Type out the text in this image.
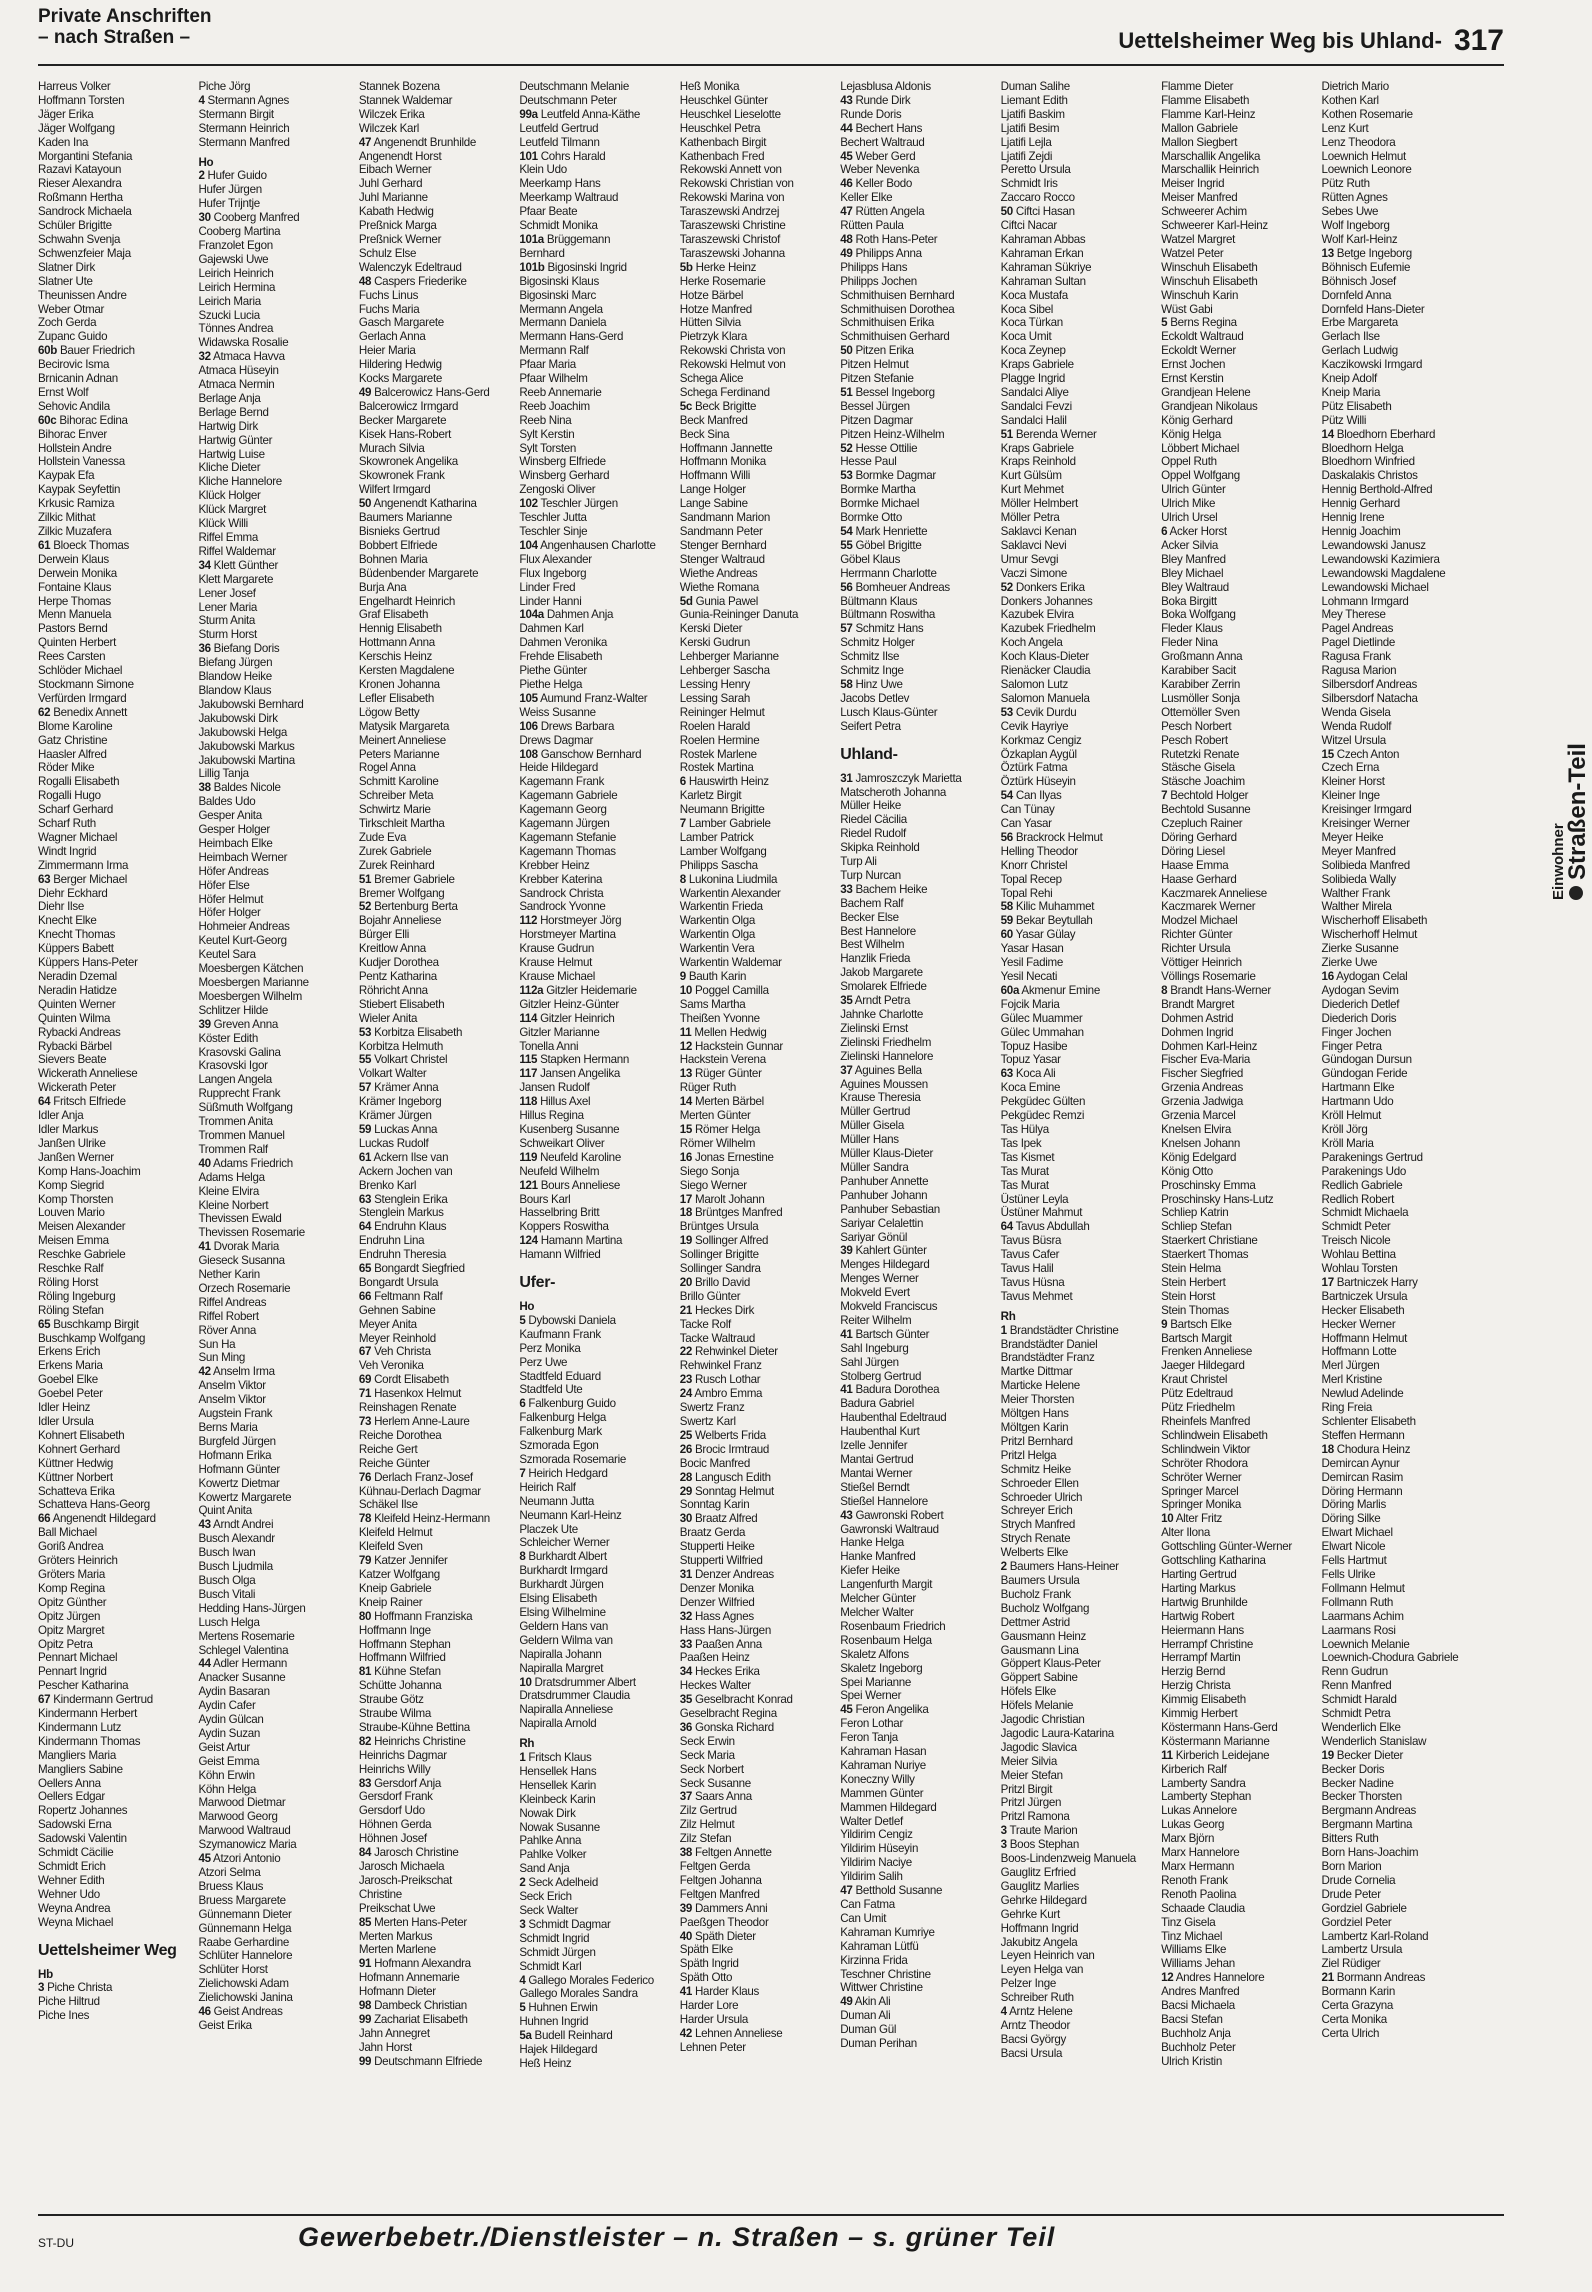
Private Anschriften
– nach Straßen –	Uettelsheimer Weg bis Uhland- 317
Harreus Volker
Hoffmann Torsten
Jäger Erika
Jäger Wolfgang
Kaden Ina
Morgantini Stefania
Razavi Katayoun
Rieser Alexandra
Roßmann Hertha
Sandrock Michaela
Schüler Brigitte
Schwahn Svenja
Schwenzfeier Maja
Slatner Dirk
Slatner Ute
Theunissen Andre
Weber Otmar
Zoch Gerda
Zupanc Guido
60b Bauer Friedrich
Becirovic Isma
Brnicanin Adnan
Ernst Wolf
Sehovic Andila
60c Bihorac Edina
Bihorac Enver
Hollstein Andre
Hollstein Vanessa
Kaypak Efa
Kaypak Seyfettin
Krkusic Ramiza
Zilkic Mithat
Zilkic Muzafera
61 Bloeck Thomas
Derwein Klaus
Derwein Monika
Fontaine Klaus
Herpe Thomas
Menn Manuela
Pastors Bernd
Quinten Herbert
Rees Carsten
Schlöder Michael
Stockmann Simone
Verfürden Irmgard
62 Benedix Annett
Blome Karoline
Gatz Christine
Haasler Alfred
Röder Mike
Rogalli Elisabeth
Rogalli Hugo
Scharf Gerhard
Scharf Ruth
Wagner Michael
Windt Ingrid
Zimmermann Irma
63 Berger Michael
Diehr Eckhard
Diehr Ilse
Knecht Elke
Knecht Thomas
Küppers Babett
Küppers Hans-Peter
Neradin Dzemal
Neradin Hatidze
Quinten Werner
Quinten Wilma
Rybacki Andreas
Rybacki Bärbel
Sievers Beate
Wickerath Anneliese
Wickerath Peter
64 Fritsch Elfriede
Idler Anja
Idler Markus
Janßen Ulrike
Janßen Werner
Komp Hans-Joachim
Komp Siegrid
Komp Thorsten
Louven Mario
Meisen Alexander
Meisen Emma
Reschke Gabriele
Reschke Ralf
Röling Horst
Röling Ingeburg
Röling Stefan
65 Buschkamp Birgit
Buschkamp Wolfgang
Erkens Erich
Erkens Maria
Goebel Elke
Goebel Peter
Idler Heinz
Idler Ursula
Kohnert Elisabeth
Kohnert Gerhard
Küttner Hedwig
Küttner Norbert
Schatteva Erika
Schatteva Hans-Georg
66 Angenendt Hildegard
Ball Michael
Goriß Andrea
Gröters Heinrich
Gröters Maria
Komp Regina
Opitz Günther
Opitz Jürgen
Opitz Margret
Opitz Petra
Pennart Michael
Pennart Ingrid
Pescher Katharina
67 Kindermann Gertrud
Kindermann Herbert
Kindermann Lutz
Kindermann Thomas
Mangliers Maria
Mangliers Sabine
Oellers Anna
Oellers Edgar
Ropertz Johannes
Sadowski Erna
Sadowski Valentin
Schmidt Cäcilie
Schmidt Erich
Wehner Edith
Wehner Udo
Weyna Andrea
Weyna Michael
Uettelsheimer Weg
Hb
3 Piche Christa
Piche Hiltrud
Piche Ines
Piche Jörg
4 Stermann Agnes
Stermann Birgit
Stermann Heinrich
Stermann Manfred
Ho
2 Hufer Guido
Hufer Jürgen
Hufer Trijntje
30 Cooberg Manfred
Cooberg Martina
Franzolet Egon
Gajewski Uwe
Leirich Heinrich
Leirich Hermina
Leirich Maria
Szucki Lucia
Tönnes Andrea
Widawska Rosalie
32 Atmaca Havva
Atmaca Hüseyin
Atmaca Nermin
Berlage Anja
Berlage Bernd
Hartwig Dirk
Hartwig Günter
Hartwig Luise
Kliche Dieter
Kliche Hannelore
Klück Holger
Klück Margret
Klück Willi
Riffel Emma
Riffel Waldemar
34 Klett Günther
Klett Margarete
Lener Josef
Lener Maria
Sturm Anita
Sturm Horst
36 Biefang Doris
Biefang Jürgen
Blandow Heike
Blandow Klaus
Jakubowski Bernhard
Jakubowski Dirk
Jakubowski Helga
Jakubowski Markus
Jakubowski Martina
Lillig Tanja
38 Baldes Nicole
Baldes Udo
Gesper Anita
Gesper Holger
Heimbach Elke
Heimbach Werner
Höfer Andreas
Höfer Else
Höfer Helmut
Höfer Holger
Hohmeier Andreas
Keutel Kurt-Georg
Keutel Sara
Moesbergen Kätchen
Moesbergen Marianne
Moesbergen Wilhelm
Schlitzer Hilde
39 Greven Anna
Köster Edith
Krasovski Galina
Krasovski Igor
Langen Angela
Rupprecht Frank
Süßmuth Wolfgang
Trommen Anita
Trommen Manuel
Trommen Ralf
40 Adams Friedrich
Adams Helga
Kleine Elvira
Kleine Norbert
Thevissen Ewald
Thevissen Rosemarie
41 Dvorak Maria
Gieseck Susanna
Nether Karin
Orzech Rosemarie
Riffel Andreas
Riffel Robert
Röver Anna
Sun Ha
Sun Ming
42 Anselm Irma
Anselm Viktor
Anselm Viktor
Augstein Frank
Berns Maria
Burgfeld Jürgen
Hofmann Erika
Hofmann Günter
Kowertz Dietmar
Kowertz Margarete
Quint Anita
43 Arndt Andrei
Busch Alexandr
Busch Iwan
Busch Ljudmila
Busch Olga
Busch Vitali
Hedding Hans-Jürgen
Lusch Helga
Mertens Rosemarie
Schlegel Valentina
44 Adler Hermann
Anacker Susanne
Aydin Basaran
Aydin Cafer
Aydin Gülcan
Aydin Suzan
Geist Artur
Geist Emma
Köhn Erwin
Köhn Helga
Marwood Dietmar
Marwood Georg
Marwood Waltraud
Szymanowicz Maria
45 Atzori Antonio
Atzori Selma
Bruess Klaus
Bruess Margarete
Günnemann Dieter
Günnemann Helga
Raabe Gerhardine
Schlüter Hannelore
Schlüter Horst
Zielichowski Adam
Zielichowski Janina
46 Geist Andreas
Geist Erika
Stannek Bozena
Stannek Waldemar
Wilczek Erika
Wilczek Karl
47 Angenendt Brunhilde
Angenendt Horst
Eibach Werner
Juhl Gerhard
Juhl Marianne
Kabath Hedwig
Preßnick Marga
Preßnick Werner
Schulz Else
Walenczyk Edeltraud
48 Caspers Friederike
Fuchs Linus
Fuchs Maria
Gasch Margarete
Gerlach Anna
Heier Maria
Hildering Hedwig
Kocks Margarete
49 Balcerowicz Hans-Gerd
Balcerowicz Irmgard
Becker Margarete
Kisek Hans-Robert
Murach Silvia
Skowronek Angelika
Skowronek Frank
Wilfert Irmgard
50 Angenendt Katharina
Baumers Marianne
Bisnieks Gertrud
Bobbert Elfriede
Bohnen Maria
Büdenbender Margarete
Burja Ana
Engelhardt Heinrich
Graf Elisabeth
Hennig Elisabeth
Hottmann Anna
Kerschis Heinz
Kersten Magdalene
Kronen Johanna
Lefler Elisabeth
Lögow Betty
Matysik Margareta
Meinert Anneliese
Peters Marianne
Rogel Anna
Schmitt Karoline
Schreiber Meta
Schwirtz Marie
Tirkschleit Martha
Zude Eva
Zurek Gabriele
Zurek Reinhard
51 Bremer Gabriele
Bremer Wolfgang
52 Bertenburg Berta
Bojahr Anneliese
Bürger Elli
Kreitlow Anna
Kudjer Dorothea
Pentz Katharina
Röhricht Anna
Stiebert Elisabeth
Wieler Anita
53 Korbitza Elisabeth
Korbitza Helmuth
55 Volkart Christel
Volkart Walter
57 Krämer Anna
Krämer Ingeborg
Krämer Jürgen
59 Luckas Anna
Luckas Rudolf
61 Ackern Ilse van
Ackern Jochen van
Brenko Karl
63 Stenglein Erika
Stenglein Markus
64 Endruhn Klaus
Endruhn Lina
Endruhn Theresia
65 Bongardt Siegfried
Bongardt Ursula
66 Feltmann Ralf
Gehnen Sabine
Meyer Anita
Meyer Reinhold
67 Veh Christa
Veh Veronika
69 Cordt Elisabeth
71 Hasenkox Helmut
Reinshagen Renate
73 Herlem Anne-Laure
Reiche Dorothea
Reiche Gert
Reiche Günter
76 Derlach Franz-Josef
Kühnau-Derlach Dagmar
Schäkel Ilse
78 Kleifeld Heinz-Hermann
Kleifeld Helmut
Kleifeld Sven
79 Katzer Jennifer
Katzer Wolfgang
Kneip Gabriele
Kneip Rainer
80 Hoffmann Franziska
Hoffmann Inge
Hoffmann Stephan
Hoffmann Wilfried
81 Kühne Stefan
Schütte Johanna
Straube Götz
Straube Wilma
Straube-Kühne Bettina
82 Heinrichs Christine
Heinrichs Dagmar
Heinrichs Willy
83 Gersdorf Anja
Gersdorf Frank
Gersdorf Udo
Höhnen Gerda
Höhnen Josef
84 Jarosch Christine
Jarosch Michaela
Jarosch-Preikschat
Christine
Preikschat Uwe
85 Merten Hans-Peter
Merten Markus
Merten Marlene
91 Hofmann Alexandra
Hofmann Annemarie
Hofmann Dieter
98 Dambeck Christian
99 Zachariat Elisabeth
Jahn Annegret
Jahn Horst
99 Deutschmann Elfriede
Deutschmann Melanie
Deutschmann Peter
99a Leutfeld Anna-Käthe
Leutfeld Gertrud
Leutfeld Tilmann
101 Cohrs Harald
Klein Udo
Meerkamp Hans
Meerkamp Waltraud
Pfaar Beate
Schmidt Monika
101a Brüggemann
Bernhard
101b Bigosinski Ingrid
Bigosinski Klaus
Bigosinski Marc
Mermann Angela
Mermann Daniela
Mermann Hans-Gerd
Mermann Ralf
Pfaar Maria
Pfaar Wilhelm
Reeb Annemarie
Reeb Joachim
Reeb Nina
Sylt Kerstin
Sylt Torsten
Winsberg Elfriede
Winsberg Gerhard
Zengoski Oliver
102 Teschler Jürgen
Teschler Jutta
Teschler Sinje
104 Angenhausen Charlotte
Flux Alexander
Flux Ingeborg
Linder Fred
Linder Hanni
104a Dahmen Anja
Dahmen Karl
Dahmen Veronika
Frehde Elisabeth
Piethe Günter
Piethe Helga
105 Aumund Franz-Walter
Weiss Susanne
106 Drews Barbara
Drews Dagmar
108 Ganschow Bernhard
Heide Hildegard
Kagemann Frank
Kagemann Gabriele
Kagemann Georg
Kagemann Jürgen
Kagemann Stefanie
Kagemann Thomas
Krebber Heinz
Krebber Katerina
Sandrock Christa
Sandrock Yvonne
112 Horstmeyer Jörg
Horstmeyer Martina
Krause Gudrun
Krause Helmut
Krause Michael
112a Gitzler Heidemarie
Gitzler Heinz-Günter
114 Gitzler Heinrich
Gitzler Marianne
Tonella Anni
115 Stapken Hermann
117 Jansen Angelika
Jansen Rudolf
118 Hillus Axel
Hillus Regina
Kusenberg Susanne
Schweikart Oliver
119 Neufeld Karoline
Neufeld Wilhelm
121 Bours Anneliese
Bours Karl
Hasselbring Britt
Koppers Roswitha
124 Hamann Martina
Hamann Wilfried
Ufer-
Ho
5 Dybowski Daniela
Kaufmann Frank
Perz Monika
Perz Uwe
Stadtfeld Eduard
Stadtfeld Ute
6 Falkenburg Guido
Falkenburg Helga
Falkenburg Mark
Szmorada Egon
Szmorada Rosemarie
7 Heirich Hedgard
Heirich Ralf
Neumann Jutta
Neumann Karl-Heinz
Placzek Ute
Schleicher Werner
8 Burkhardt Albert
Burkhardt Irmgard
Burkhardt Jürgen
Elsing Elisabeth
Elsing Wilhelmine
Geldern Hans van
Geldern Wilma van
Napiralla Johann
Napiralla Margret
10 Dratsdrummer Albert
Dratsdrummer Claudia
Napiralla Anneliese
Napiralla Arnold
Rh
1 Fritsch Klaus
Hensellek Hans
Hensellek Karin
Kleinbeck Karin
Nowak Dirk
Nowak Susanne
Pahlke Anna
Pahlke Volker
Sand Anja
2 Seck Adelheid
Seck Erich
Seck Walter
3 Schmidt Dagmar
Schmidt Ingrid
Schmidt Jürgen
Schmidt Karl
4 Gallego Morales Federico
Gallego Morales Sandra
5 Huhnen Erwin
Huhnen Ingrid
5a Budell Reinhard
Hajek Hildegard
Heß Heinz
Heß Monika
Heuschkel Günter
Heuschkel Lieselotte
Heuschkel Petra
Kathenbach Birgit
Kathenbach Fred
Rekowski Annett von
Rekowski Christian von
Rekowski Marina von
Taraszewski Andrzej
Taraszewski Christine
Taraszewski Christof
Taraszewski Johanna
5b Herke Heinz
Herke Rosemarie
Hotze Bärbel
Hotze Manfred
Hütten Silvia
Pietrzyk Klara
Rekowski Christa von
Rekowski Helmut von
Schega Alice
Schega Ferdinand
5c Beck Brigitte
Beck Manfred
Beck Sina
Hoffmann Jannette
Hoffmann Monika
Hoffmann Willi
Lange Holger
Lange Sabine
Sandmann Marion
Sandmann Peter
Stenger Bernhard
Stenger Waltraud
Wiethe Andreas
Wiethe Romana
5d Gunia Pawel
Gunia-Reininger Danuta
Kerski Dieter
Kerski Gudrun
Lehberger Marianne
Lehberger Sascha
Lessing Henry
Lessing Sarah
Reininger Helmut
Roelen Harald
Roelen Hermine
Rostek Marlene
Rostek Martina
6 Hauswirth Heinz
Karletz Birgit
Neumann Brigitte
7 Lamber Gabriele
Lamber Patrick
Lamber Wolfgang
Philipps Sascha
8 Lukonina Liudmila
Warkentin Alexander
Warkentin Frieda
Warkentin Olga
Warkentin Olga
Warkentin Vera
Warkentin Waldemar
9 Bauth Karin
10 Poggel Camilla
Sams Martha
Theißen Yvonne
11 Mellen Hedwig
12 Hackstein Gunnar
Hackstein Verena
13 Rüger Günter
Rüger Ruth
14 Merten Bärbel
Merten Günter
15 Römer Helga
Römer Wilhelm
16 Jonas Ernestine
Siego Sonja
Siego Werner
17 Marolt Johann
18 Brüntges Manfred
Brüntges Ursula
19 Sollinger Alfred
Sollinger Brigitte
Sollinger Sandra
20 Brillo David
Brillo Günter
21 Heckes Dirk
Tacke Rolf
Tacke Waltraud
22 Rehwinkel Dieter
Rehwinkel Franz
23 Rusch Lothar
24 Ambro Emma
Swertz Franz
Swertz Karl
25 Welberts Frida
26 Brocic Irmtraud
Bocic Manfred
28 Langusch Edith
29 Sonntag Helmut
Sonntag Karin
30 Braatz Alfred
Braatz Gerda
Stupperti Heike
Stupperti Wilfried
31 Denzer Andreas
Denzer Monika
Denzer Wilfried
32 Hass Agnes
Hass Hans-Jürgen
33 Paaßen Anna
Paaßen Heinz
34 Heckes Erika
Heckes Walter
35 Geselbracht Konrad
Geselbracht Regina
36 Gonska Richard
Seck Erwin
Seck Maria
Seck Norbert
Seck Susanne
37 Saars Anna
Zilz Gertrud
Zilz Helmut
Zilz Stefan
38 Feltgen Annette
Feltgen Gerda
Feltgen Johanna
Feltgen Manfred
39 Dammers Anni
Paeßgen Theodor
40 Späth Dieter
Späth Elke
Späth Ingrid
Späth Otto
41 Harder Klaus
Harder Lore
Harder Ursula
42 Lehnen Anneliese
Lehnen Peter
Lejasblusa Aldonis
43 Runde Dirk
Runde Doris
44 Bechert Hans
Bechert Waltraud
45 Weber Gerd
Weber Nevenka
46 Keller Bodo
Keller Elke
47 Rütten Angela
Rütten Paula
48 Roth Hans-Peter
49 Philipps Anna
Philipps Hans
Philipps Jochen
Schmithuisen Bernhard
Schmithuisen Dorothea
Schmithuisen Erika
Schmithuisen Gerhard
50 Pitzen Erika
Pitzen Helmut
Pitzen Stefanie
51 Bessel Ingeborg
Bessel Jürgen
Pitzen Dagmar
Pitzen Heinz-Wilhelm
52 Hesse Ottilie
Hesse Paul
53 Bormke Dagmar
Bormke Martha
Bormke Michael
Bormke Otto
54 Mark Henriette
55 Göbel Brigitte
Göbel Klaus
Herrmann Charlotte
56 Bomheuer Andreas
Bültmann Klaus
Bültmann Roswitha
57 Schmitz Hans
Schmitz Holger
Schmitz Ilse
Schmitz Inge
58 Hinz Uwe
Jacobs Detlev
Lusch Klaus-Günter
Seifert Petra
Uhland-
31 Jamroszczyk Marietta
Matscheroth Johanna
Müller Heike
Riedel Cäcilia
Riedel Rudolf
Skipka Reinhold
Turp Ali
Turp Nurcan
33 Bachem Heike
Bachem Ralf
Becker Else
Best Hannelore
Best Wilhelm
Hanzlik Frieda
Jakob Margarete
Smolarek Elfriede
35 Arndt Petra
Jahnke Charlotte
Zielinski Ernst
Zielinski Friedhelm
Zielinski Hannelore
37 Aguines Bella
Aguines Moussen
Krause Theresia
Müller Gertrud
Müller Gisela
Müller Hans
Müller Klaus-Dieter
Müller Sandra
Panhuber Annette
Panhuber Johann
Panhuber Sebastian
Sariyar Celalettin
Sariyar Gönül
39 Kahlert Günter
Menges Hildegard
Menges Werner
Mokveld Evert
Mokveld Franciscus
Reiter Wilhelm
41 Bartsch Günter
Sahl Ingeburg
Sahl Jürgen
Stolberg Gertrud
41 Badura Dorothea
Badura Gabriel
Haubenthal Edeltraud
Haubenthal Kurt
Izelle Jennifer
Mantai Gertrud
Mantai Werner
Stießel Berndt
Stießel Hannelore
43 Gawronski Robert
Gawronski Waltraud
Hanke Helga
Hanke Manfred
Kiefer Heike
Langenfurth Margit
Melcher Günter
Melcher Walter
Rosenbaum Friedrich
Rosenbaum Helga
Skaletz Alfons
Skaletz Ingeborg
Spei Marianne
Spei Werner
45 Feron Angelika
Feron Lothar
Feron Tanja
Kahraman Hasan
Kahraman Nuriye
Koneczny Willy
Mammen Günter
Mammen Hildegard
Walter Detlef
Yildirim Cengiz
Yildirim Hüseyin
Yildirim Naciye
Yildirim Salih
47 Betthold Susanne
Can Fatma
Can Umit
Kahraman Kumriye
Kahraman Lütfü
Kirzinna Frida
Teschner Christine
Wittwer Christine
49 Akin Ali
Duman Ali
Duman Gül
Duman Perihan
Duman Salihe
Liemant Edith
Ljatifi Baskim
Ljatifi Besim
Ljatifi Lejla
Ljatifi Zejdi
Peretto Ursula
Schmidt Iris
Zaccaro Rocco
50 Ciftci Hasan
Ciftci Nacar
Kahraman Abbas
Kahraman Erkan
Kahraman Sükriye
Kahraman Sultan
Koca Mustafa
Koca Sibel
Koca Türkan
Koca Umit
Koca Zeynep
Kraps Gabriele
Plagge Ingrid
Sandalci Aliye
Sandalci Fevzi
Sandalci Halil
51 Berenda Werner
Kraps Gabriele
Kraps Reinhold
Kurt Gülsüm
Kurt Mehmet
Möller Helmbert
Möller Petra
Saklavci Kenan
Saklavci Nevi
Umur Sevgi
Vaczi Simone
52 Donkers Erika
Donkers Johannes
Kazubek Elvira
Kazubek Friedhelm
Koch Angela
Koch Klaus-Dieter
Rienäcker Claudia
Salomon Lutz
Salomon Manuela
53 Cevik Durdu
Cevik Hayriye
Korkmaz Cengiz
Özkaplan Aygül
Öztürk Fatma
Öztürk Hüseyin
54 Can Ilyas
Can Tünay
Can Yasar
56 Brackrock Helmut
Helling Theodor
Knorr Christel
Topal Recep
Topal Rehi
58 Kilic Muhammet
59 Bekar Beytullah
60 Yasar Gülay
Yasar Hasan
Yesil Fadime
Yesil Necati
60a Akmenur Emine
Fojcik Maria
Gülec Muammer
Gülec Ummahan
Topuz Hasibe
Topuz Yasar
63 Koca Ali
Koca Emine
Pekgüdec Gülten
Pekgüdec Remzi
Tas Hülya
Tas Ipek
Tas Kismet
Tas Murat
Tas Murat
Üstüner Leyla
Üstüner Mahmut
64 Tavus Abdullah
Tavus Büsra
Tavus Cafer
Tavus Halil
Tavus Hüsna
Tavus Mehmet
Rh
1 Brandstädter Christine
Brandstädter Daniel
Brandstädter Franz
Martke Dittmar
Marticke Helene
Meier Thorsten
Möltgen Hans
Möltgen Karin
Pritzl Bernhard
Pritzl Helga
Schmitz Heike
Schroeder Ellen
Schroeder Ulrich
Schreyer Erich
Strych Manfred
Strych Renate
Welberts Elke
2 Baumers Hans-Heiner
Baumers Ursula
Bucholz Frank
Bucholz Wolfgang
Dettmer Astrid
Gausmann Heinz
Gausmann Lina
Göppert Klaus-Peter
Göppert Sabine
Höfels Elke
Höfels Melanie
Jagodic Christian
Jagodic Laura-Katarina
Jagodic Slavica
Meier Silvia
Meier Stefan
Pritzl Birgit
Pritzl Jürgen
Pritzl Ramona
3 Traute Marion
3 Boos Stephan
Boos-Lindenzweig Manuela
Gauglitz Erfried
Gauglitz Marlies
Gehrke Hildegard
Gehrke Kurt
Hoffmann Ingrid
Jakubitz Angela
Leyen Heinrich van
Leyen Helga van
Pelzer Inge
Schreiber Ruth
4 Arntz Helene
Arntz Theodor
Bacsi György
Bacsi Ursula
Flamme Dieter
Flamme Elisabeth
Flamme Karl-Heinz
Mallon Gabriele
Mallon Siegbert
Marschallik Angelika
Marschallik Heinrich
Meiser Ingrid
Meiser Manfred
Schweerer Achim
Schweerer Karl-Heinz
Watzel Margret
Watzel Peter
Winschuh Elisabeth
Winschuh Elisabeth
Winschuh Karin
Wüst Gabi
5 Berns Regina
Eckoldt Waltraud
Eckoldt Werner
Ernst Jochen
Ernst Kerstin
Grandjean Helene
Grandjean Nikolaus
König Gerhard
König Helga
Löbbert Michael
Oppel Ruth
Oppel Wolfgang
Ulrich Günter
Ulrich Mike
Ulrich Ursel
6 Acker Horst
Acker Silvia
Bley Manfred
Bley Michael
Bley Waltraud
Boka Birgitt
Boka Wolfgang
Fleder Klaus
Fleder Nina
Großmann Anna
Karabiber Sacit
Karabiber Zerrin
Lusmöller Sonja
Ottemöller Sven
Pesch Norbert
Pesch Robert
Rutetzki Renate
Stäsche Gisela
Stäsche Joachim
7 Bechtold Holger
Bechtold Susanne
Czepluch Rainer
Döring Gerhard
Döring Liesel
Haase Emma
Haase Gerhard
Kaczmarek Anneliese
Kaczmarek Werner
Modzel Michael
Richter Günter
Richter Ursula
Vöttiger Heinrich
Völlings Rosemarie
8 Brandt Hans-Werner
Brandt Margret
Dohmen Astrid
Dohmen Ingrid
Dohmen Karl-Heinz
Fischer Eva-Maria
Fischer Siegfried
Grzenia Andreas
Grzenia Jadwiga
Grzenia Marcel
Knelsen Elvira
Knelsen Johann
König Edelgard
König Otto
Proschinsky Emma
Proschinsky Hans-Lutz
Schliep Katrin
Schliep Stefan
Staerkert Christiane
Staerkert Thomas
Stein Helma
Stein Herbert
Stein Horst
Stein Thomas
9 Bartsch Elke
Bartsch Margit
Frenken Anneliese
Jaeger Hildegard
Kraut Christel
Pütz Edeltraud
Pütz Friedhelm
Rheinfels Manfred
Schlindwein Elisabeth
Schlindwein Viktor
Schröter Rhodora
Schröter Werner
Springer Marcel
Springer Monika
10 Alter Fritz
Alter Ilona
Gottschling Günter-Werner
Gottschling Katharina
Harting Gertrud
Harting Markus
Hartwig Brunhilde
Hartwig Robert
Heiermann Hans
Herrampf Christine
Herrampf Martin
Herzig Bernd
Herzig Christa
Kimmig Elisabeth
Kimmig Herbert
Köstermann Hans-Gerd
Köstermann Marianne
11 Kirberich Leidejane
Kirberich Ralf
Lamberty Sandra
Lamberty Stephan
Lukas Annelore
Lukas Georg
Marx Björn
Marx Hannelore
Marx Hermann
Renoth Frank
Renoth Paolina
Schaade Claudia
Tinz Gisela
Tinz Michael
Williams Elke
Williams Jehan
12 Andres Hannelore
Andres Manfred
Bacsi Michaela
Bacsi Stefan
Buchholz Anja
Buchholz Peter
Ulrich Kristin
Dietrich Mario
Kothen Karl
Kothen Rosemarie
Lenz Kurt
Lenz Theodora
Loewnich Helmut
Loewnich Leonore
Pütz Ruth
Rütten Agnes
Sebes Uwe
Wolf Ingeborg
Wolf Karl-Heinz
13 Betge Ingeborg
Böhnisch Eufemie
Böhnisch Josef
Dornfeld Anna
Dornfeld Hans-Dieter
Erbe Margareta
Gerlach Ilse
Gerlach Ludwig
Kaczikowski Irmgard
Kneip Adolf
Kneip Maria
Pütz Elisabeth
Pütz Willi
14 Bloedhorn Eberhard
Bloedhorn Helga
Bloedhorn Winfried
Daskalakis Christos
Hennig Berthold-Alfred
Hennig Gerhard
Hennig Irene
Hennig Joachim
Lewandowski Janusz
Lewandowski Kazimiera
Lewandowski Magdalene
Lewandowski Michael
Lohmann Irmgard
Mey Therese
Pagel Andreas
Pagel Dietlinde
Ragusa Frank
Ragusa Marion
Silbersdorf Andreas
Silbersdorf Natacha
Wenda Gisela
Wenda Rudolf
Witzel Ursula
15 Czech Anton
Czech Erna
Kleiner Horst
Kleiner Inge
Kreisinger Irmgard
Kreisinger Werner
Meyer Heike
Meyer Manfred
Solibieda Manfred
Solibieda Wally
Walther Frank
Walther Mirela
Wischerhoff Elisabeth
Wischerhoff Helmut
Zierke Susanne
Zierke Uwe
16 Aydogan Celal
Aydogan Sevim
Diederich Detlef
Diederich Doris
Finger Jochen
Finger Petra
Gündogan Dursun
Gündogan Feride
Hartmann Elke
Hartmann Udo
Kröll Helmut
Kröll Jörg
Kröll Maria
Parakenings Gertrud
Parakenings Udo
Redlich Gabriele
Redlich Robert
Schmidt Michaela
Schmidt Peter
Treisch Nicole
Wohlau Bettina
Wohlau Torsten
17 Bartniczek Harry
Bartniczek Ursula
Hecker Elisabeth
Hecker Werner
Hoffmann Helmut
Hoffmann Lotte
Merl Jürgen
Merl Kristine
Newlud Adelinde
Ring Freia
Schlenter Elisabeth
Steffen Hermann
18 Chodura Heinz
Demircan Aynur
Demircan Rasim
Döring Hermann
Döring Marlis
Döring Silke
Elwart Michael
Elwart Nicole
Fells Hartmut
Fells Ulrike
Follmann Helmut
Follmann Ruth
Laarmans Achim
Laarmans Rosi
Loewnich Melanie
Loewnich-Chodura Gabriele
Renn Gudrun
Renn Manfred
Schmidt Harald
Schmidt Petra
Wenderlich Elke
Wenderlich Stanislaw
19 Becker Dieter
Becker Doris
Becker Nadine
Becker Thorsten
Bergmann Andreas
Bergmann Martina
Bitters Ruth
Born Hans-Joachim
Born Marion
Drude Cornelia
Drude Peter
Gordziel Gabriele
Gordziel Peter
Lambertz Karl-Roland
Lambertz Ursula
Ziel Rüdiger
21 Bormann Andreas
Bormann Karin
Certa Grazyna
Certa Monika
Certa Ulrich
Einwohner
Straßen-Teil
ST-DU	Gewerbebetr./Dienstleister – n. Straßen – s. grüner Teil
